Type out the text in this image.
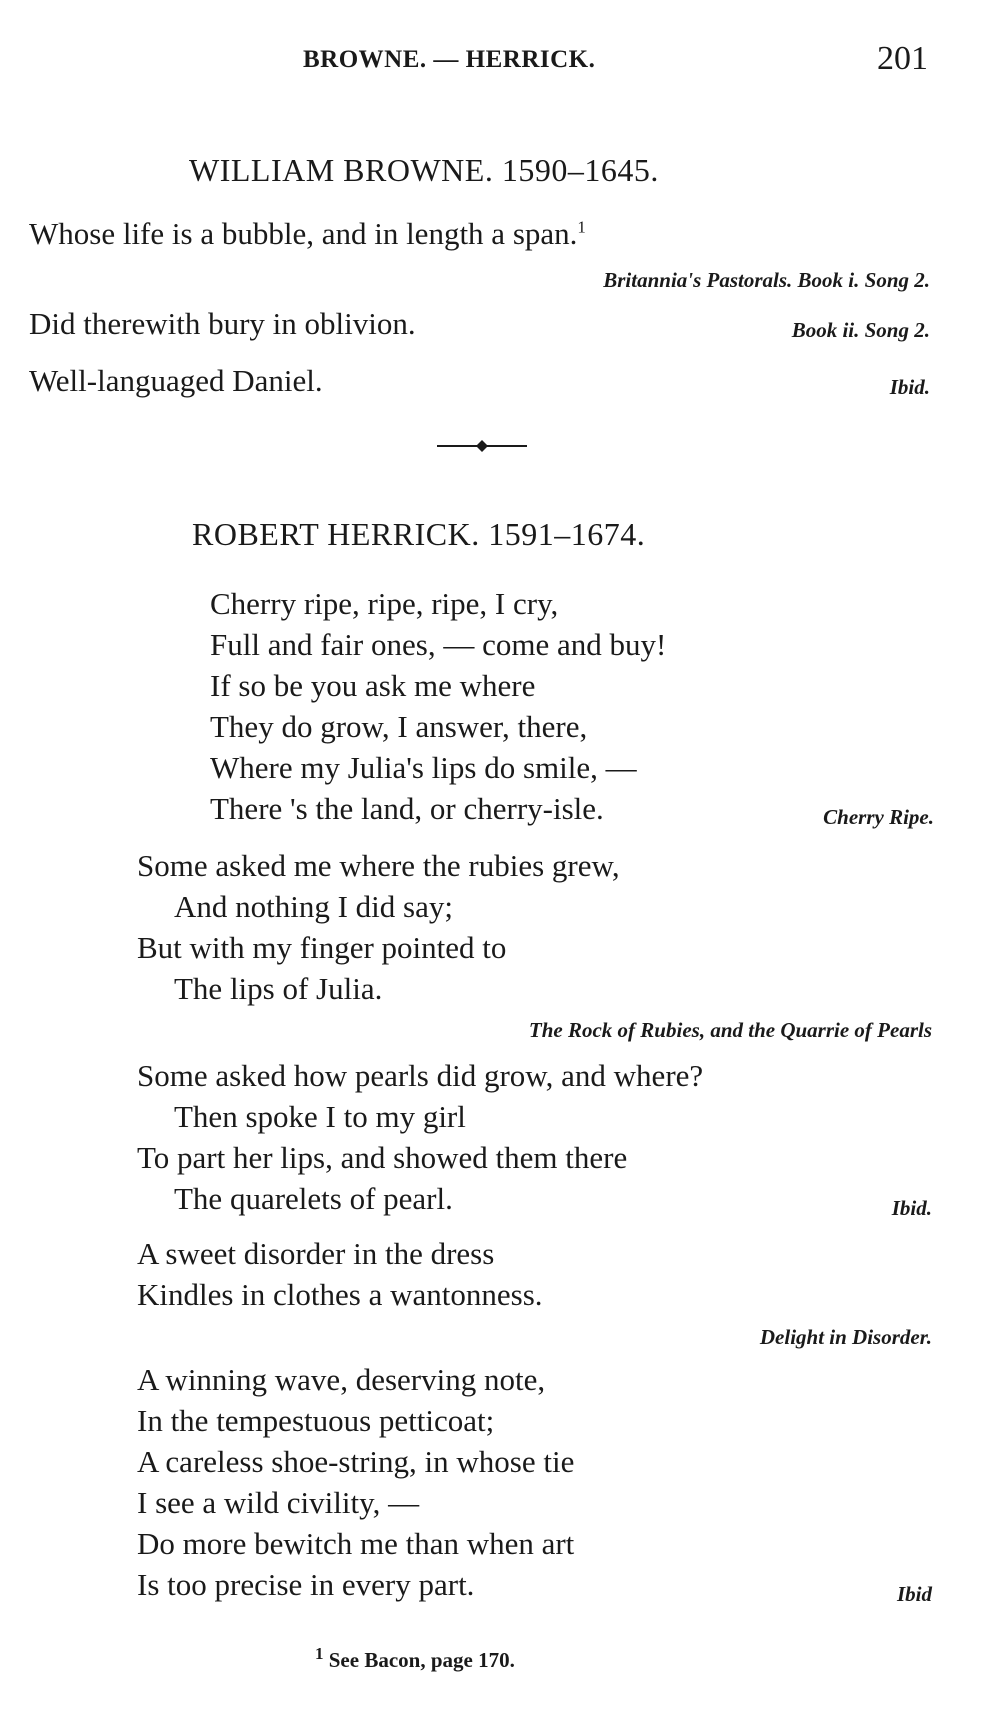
BROWNE. — HERRICK.	201
WILLIAM BROWNE. 1590–1645.
Whose life is a bubble, and in length a span.$^1$
Britannia's Pastorals. Book i. Song 2.
Did therewith bury in oblivion.	Book ii. Song 2.
Well-languaged Daniel.	Ibid.
ROBERT HERRICK. 1591–1674.
Cherry ripe, ripe, ripe, I cry,
Full and fair ones, — come and buy!
If so be you ask me where
They do grow, I answer, there,
Where my Julia's lips do smile, —
There 's the land, or cherry-isle.	Cherry Ripe.
Some asked me where the rubies grew,
And nothing I did say;
But with my finger pointed to
The lips of Julia.
The Rock of Rubies, and the Quarrie of Pearls
Some asked how pearls did grow, and where?
Then spoke I to my girl
To part her lips, and showed them there
The quarelets of pearl.	Ibid.
A sweet disorder in the dress
Kindles in clothes a wantonness.
Delight in Disorder.
A winning wave, deserving note,
In the tempestuous petticoat;
A careless shoe-string, in whose tie
I see a wild civility, —
Do more bewitch me than when art
Is too precise in every part.	Ibid
$^1$ See Bacon, page 170.
